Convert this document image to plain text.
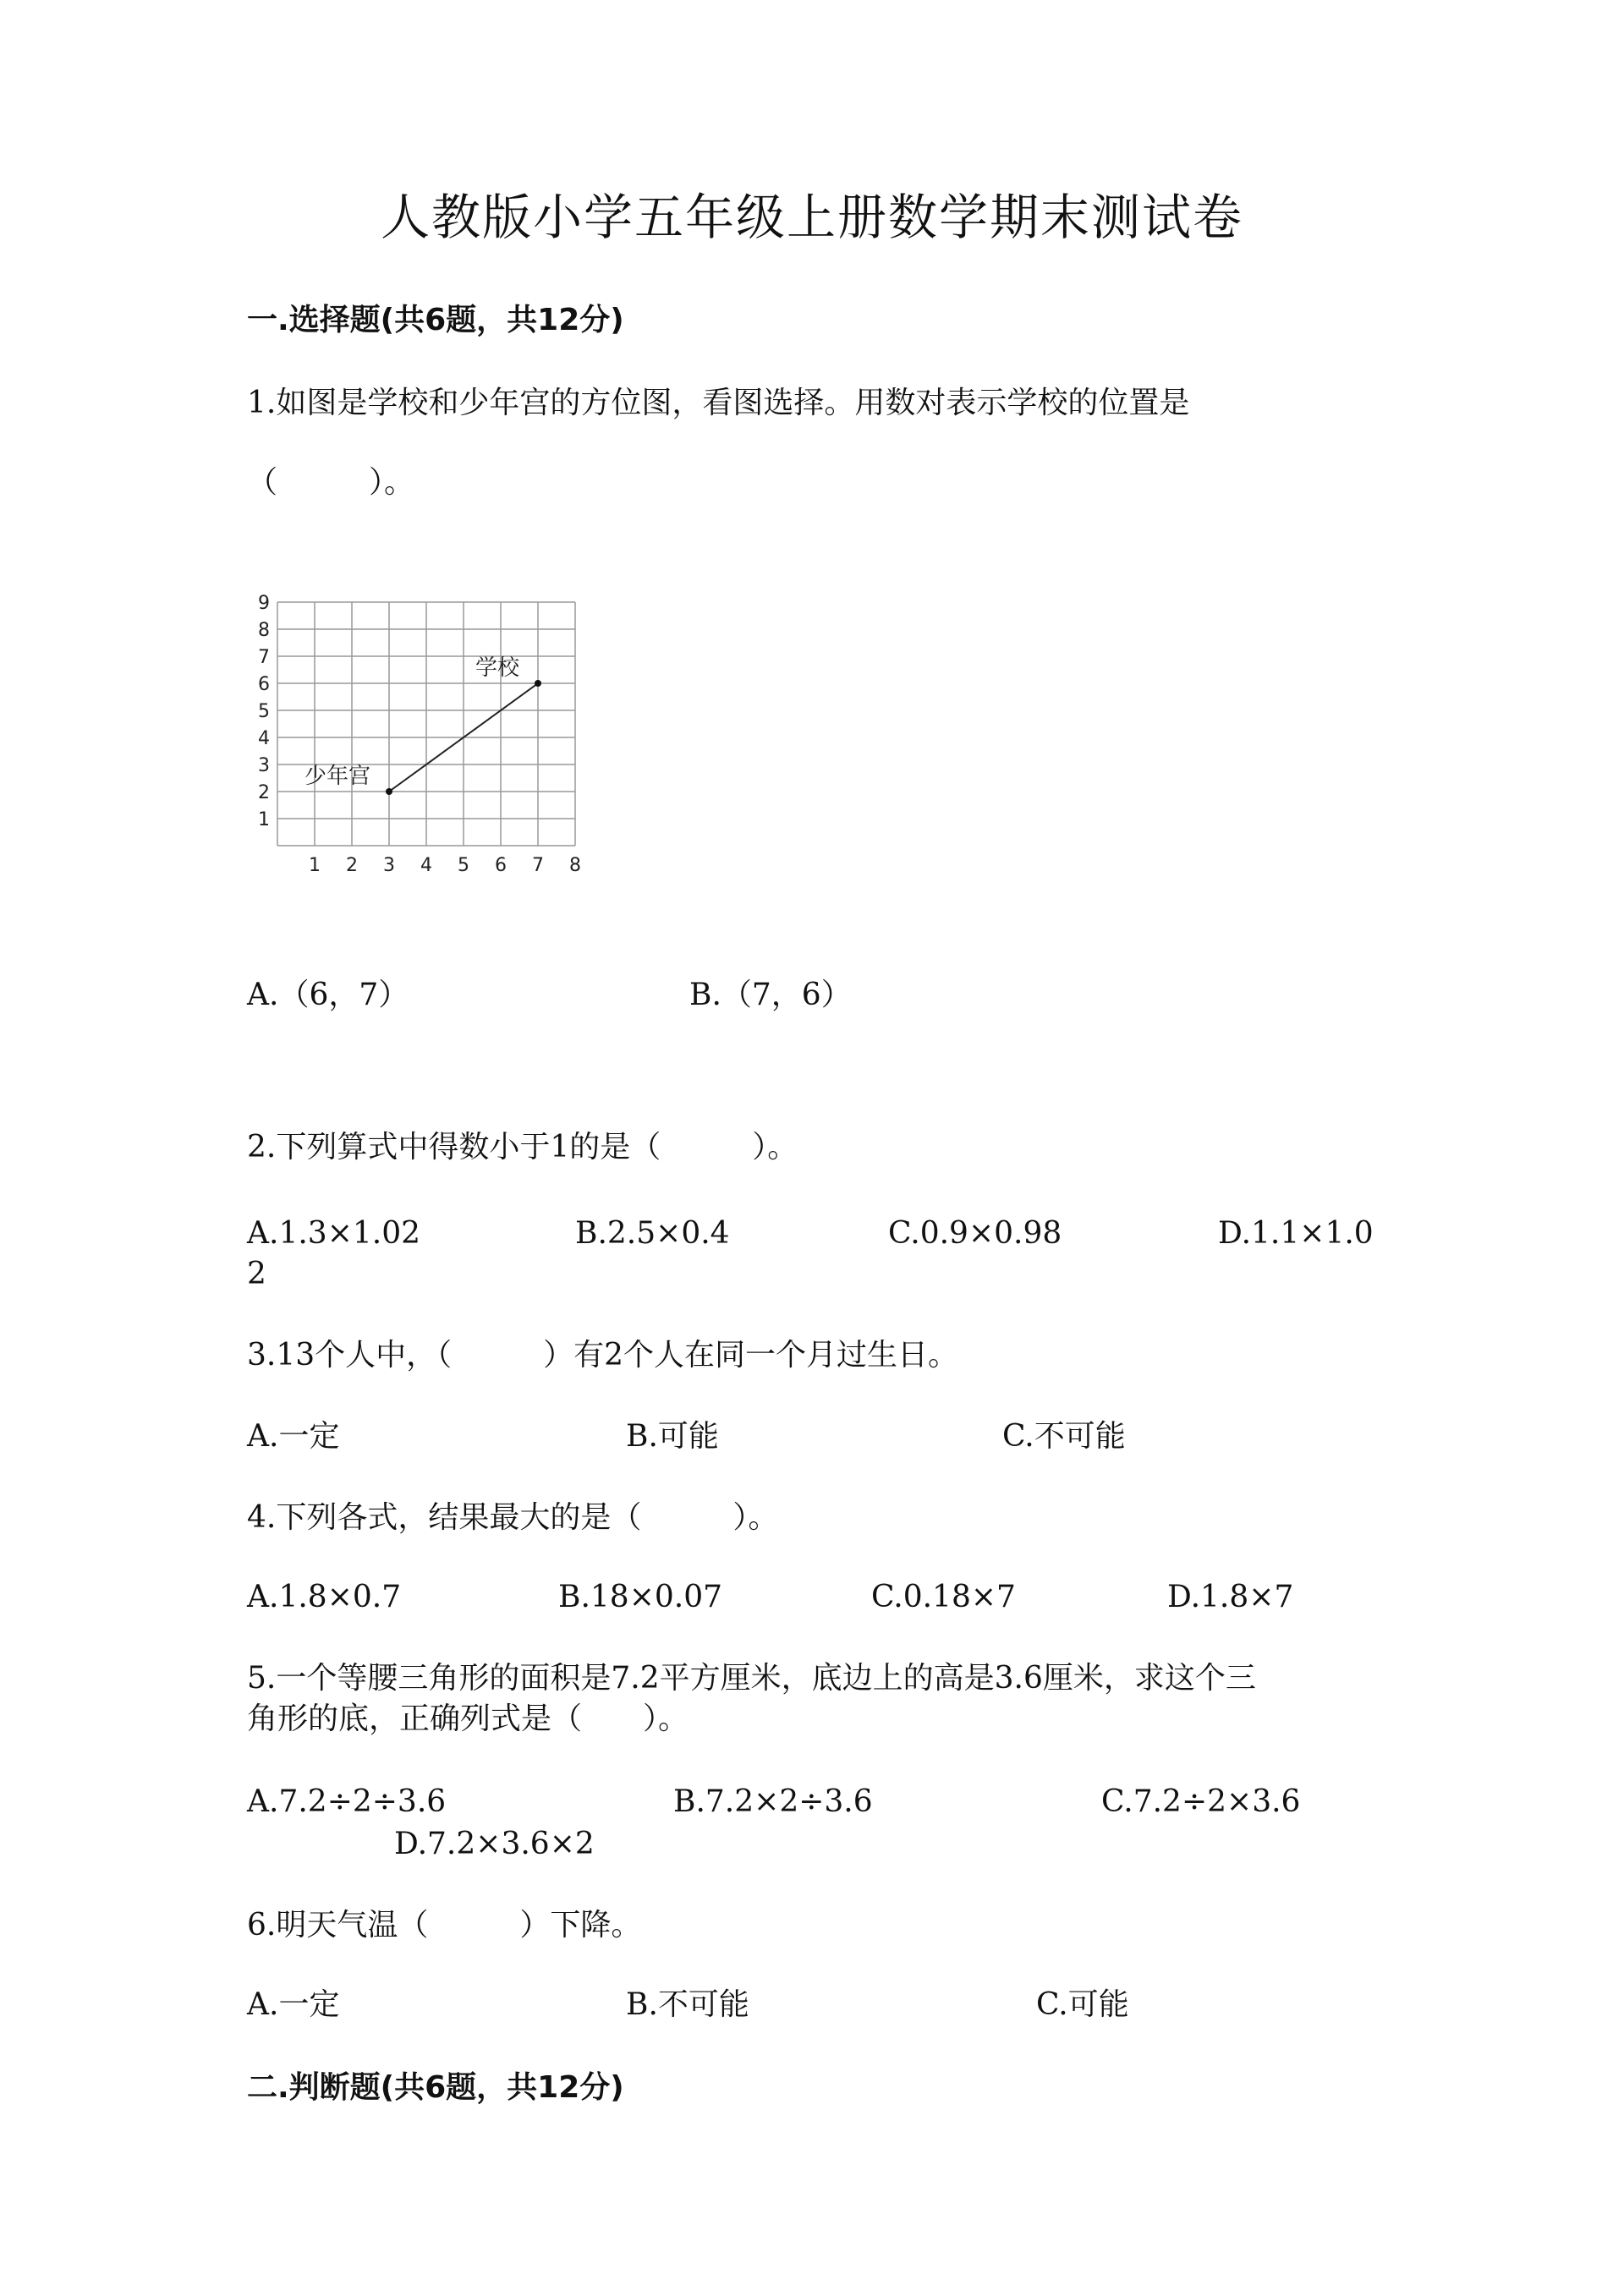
人教版小学五年级上册数学期末测试卷
一.选择题(共6题，共12分)
1.如图是学校和少年宫的方位图，看图选择。用数对表示学校的位置是
（　　　）。
1
2
3
4
5
6
7
8
9
1 2 3 4 5 6 7 8
少年宫
学校
A.（6，7）	B.（7，6）
2.下列算式中得数小于1的是（　　　）。
A.1.3×1.02	B.2.5×0.4	C.0.9×0.98	D.1.1×1.0
2
3.13个人中，（　　　）有2个人在同一个月过生日。
A.一定	B.可能	C.不可能
4.下列各式，结果最大的是（　　　）。
A.1.8×0.7	B.18×0.07	C.0.18×7	D.1.8×7
5.一个等腰三角形的面积是7.2平方厘米，底边上的高是3.6厘米，求这个三
角形的底，正确列式是（　　）。
A.7.2÷2÷3.6	B.7.2×2÷3.6	C.7.2÷2×3.6
D.7.2×3.6×2
6.明天气温（　　　）下降。
A.一定	B.不可能	C.可能
二.判断题(共6题，共12分)
